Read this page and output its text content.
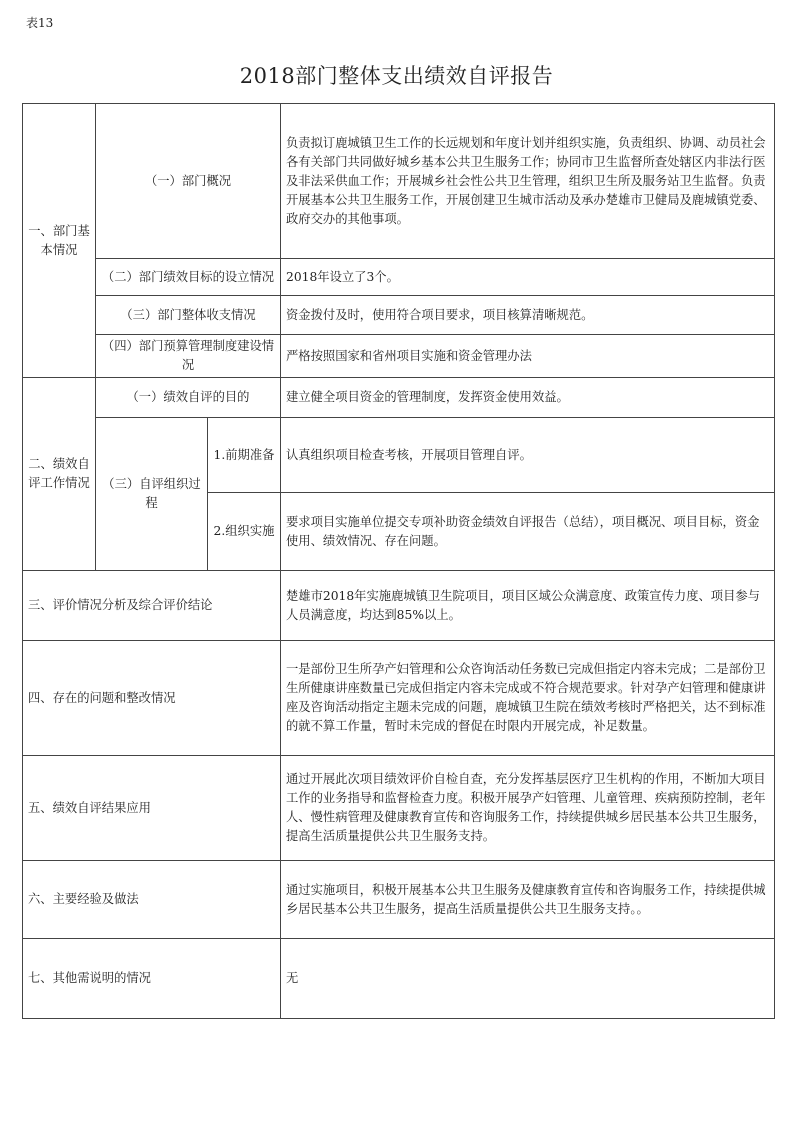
表13
2018部门整体支出绩效自评报告
一、部门基本情况	（一）部门概况		负责拟订鹿城镇卫生工作的长远规划和年度计划并组织实施，负责组织、协调、动员社会各有关部门共同做好城乡基本公共卫生服务工作；协同市卫生监督所查处辖区内非法行医及非法采供血工作；开展城乡社会性公共卫生管理，组织卫生所及服务站卫生监督。负责开展基本公共卫生服务工作，开展创建卫生城市活动及承办楚雄市卫健局及鹿城镇党委、政府交办的其他事项。
	（二）部门绩效目标的设立情况		2018年设立了3个。
	（三）部门整体收支情况		资金拨付及时，使用符合项目要求，项目核算清晰规范。
	（四）部门预算管理制度建设情况		严格按照国家和省州项目实施和资金管理办法
二、绩效自评工作情况	（一）绩效自评的目的		建立健全项目资金的管理制度，发挥资金使用效益。
	（三）自评组织过程	1.前期准备	认真组织项目检查考核，开展项目管理自评。
		2.组织实施	要求项目实施单位提交专项补助资金绩效自评报告（总结），项目概况、项目目标，资金使用、绩效情况、存在问题。
三、评价情况分析及综合评价结论			楚雄市2018年实施鹿城镇卫生院项目，项目区域公众满意度、政策宣传力度、项目参与人员满意度，均达到85%以上。
四、存在的问题和整改情况			一是部份卫生所孕产妇管理和公众咨询活动任务数已完成但指定内容未完成；二是部份卫生所健康讲座数量已完成但指定内容未完成或不符合规范要求。针对孕产妇管理和健康讲座及咨询活动指定主题未完成的问题，鹿城镇卫生院在绩效考核时严格把关，达不到标准的就不算工作量，暂时未完成的督促在时限内开展完成，补足数量。
五、绩效自评结果应用			通过开展此次项目绩效评价自检自查，充分发挥基层医疗卫生机构的作用，不断加大项目工作的业务指导和监督检查力度。积极开展孕产妇管理、儿童管理、疾病预防控制，老年人、慢性病管理及健康教育宣传和咨询服务工作，持续提供城乡居民基本公共卫生服务，提高生活质量提供公共卫生服务支持。
六、主要经验及做法			通过实施项目，积极开展基本公共卫生服务及健康教育宣传和咨询服务工作，持续提供城乡居民基本公共卫生服务，提高生活质量提供公共卫生服务支持。。
七、其他需说明的情况			无
